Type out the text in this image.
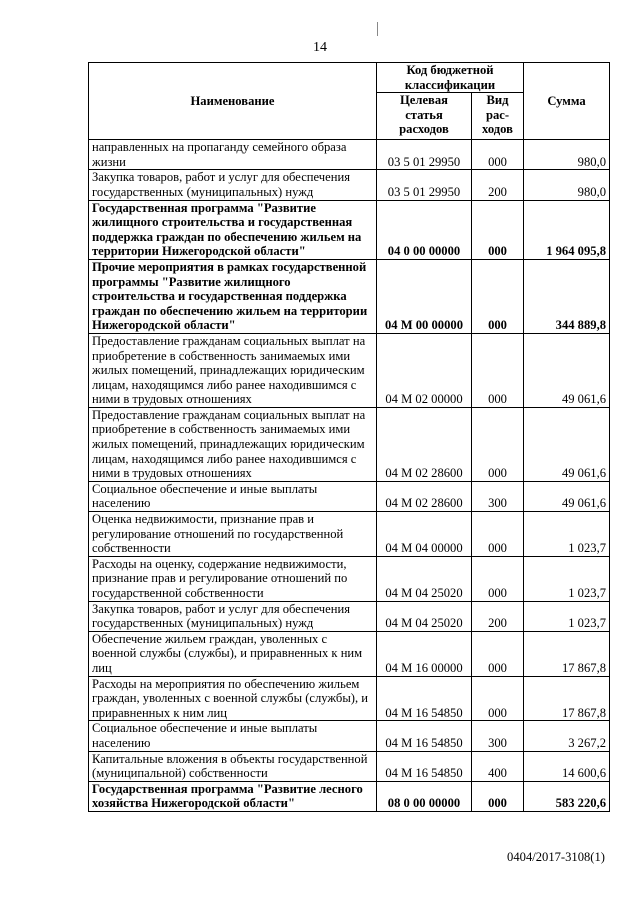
14
Наименование	Код бюджетной классификации		Сумма
	Целевая статья расходов	Вид рас-ходов	
направленных на пропаганду семейного образа жизни	03 5 01 29950	000	980,0
Закупка товаров, работ и услуг для обеспечения государственных (муниципальных) нужд	03 5 01 29950	200	980,0
Государственная программа "Развитие жилищного строительства и государственная поддержка граждан по обеспечению жильем на территории Нижегородской области"	04 0 00 00000	000	1 964 095,8
Прочие мероприятия в рамках государственной программы "Развитие жилищного строительства и государственная поддержка граждан по обеспечению жильем на территории Нижегородской области"	04 М 00 00000	000	344 889,8
Предоставление гражданам социальных выплат на приобретение в собственность занимаемых ими жилых помещений, принадлежащих юридическим лицам, находящимся либо ранее находившимся с ними в трудовых отношениях	04 М 02 00000	000	49 061,6
Предоставление гражданам социальных выплат на приобретение в собственность занимаемых ими жилых помещений, принадлежащих юридическим лицам, находящимся либо ранее находившимся с ними в трудовых отношениях	04 М 02 28600	000	49 061,6
Социальное обеспечение и иные выплаты населению	04 М 02 28600	300	49 061,6
Оценка недвижимости, признание прав и регулирование отношений по государственной собственности	04 М 04 00000	000	1 023,7
Расходы на оценку, содержание недвижимости, признание прав и регулирование отношений по государственной собственности	04 М 04 25020	000	1 023,7
Закупка товаров, работ и услуг для обеспечения государственных (муниципальных) нужд	04 М 04 25020	200	1 023,7
Обеспечение жильем граждан, уволенных с военной службы (службы), и приравненных к ним лиц	04 М 16 00000	000	17 867,8
Расходы на мероприятия по обеспечению жильем граждан, уволенных с военной службы (службы), и приравненных к ним лиц	04 М 16 54850	000	17 867,8
Социальное обеспечение и иные выплаты населению	04 М 16 54850	300	3 267,2
Капитальные вложения в объекты государственной (муниципальной) собственности	04 М 16 54850	400	14 600,6
Государственная программа "Развитие лесного хозяйства Нижегородской области"	08 0 00 00000	000	583 220,6
0404/2017-3108(1)
